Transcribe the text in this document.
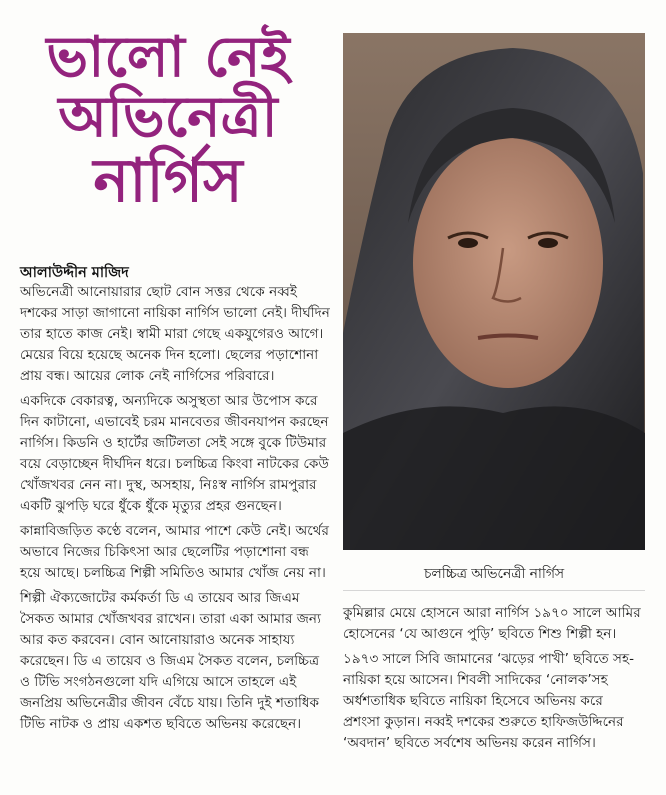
ভালো নেই
অভিনেত্রী
নার্গিস
আলাউদ্দীন মাজিদ

অভিনেত্রী আনোয়ারার ছোট বোন সত্তর থেকে নব্বই দশকের সাড়া জাগানো নায়িকা নার্গিস ভালো নেই। দীর্ঘদিন তার হাতে কাজ নেই। স্বামী মারা গেছে একযুগেরও আগে। মেয়ের বিয়ে হয়েছে অনেক দিন হলো। ছেলের পড়াশোনা প্রায় বন্ধ। আয়ের লোক নেই নার্গিসের পরিবারে।

একদিকে বেকারত্ব, অন্যদিকে অসুস্থতা আর উপোস করে দিন কাটানো, এভাবেই চরম মানবেতর জীবনযাপন করছেন নার্গিস। কিডনি ও হার্টের জটিলতা সেই সঙ্গে বুকে টিউমার বয়ে বেড়াচ্ছেন দীর্ঘদিন ধরে। চলচ্চিত্র কিংবা নাটকের কেউ খোঁজখবর নেন না। দুস্থ, অসহায়, নিঃস্ব নার্গিস রামপুরার একটি ঝুপড়ি ঘরে ধুঁকে ধুঁকে মৃত্যুর প্রহর গুনছেন।

কান্নাবিজড়িত কণ্ঠে বলেন, আমার পাশে কেউ নেই। অর্থের অভাবে নিজের চিকিৎসা আর ছেলেটির পড়াশোনা বন্ধ হয়ে আছে। চলচ্চিত্র শিল্পী সমিতিও আমার খোঁজ নেয় না।

শিল্পী ঐক্যজোটের কর্মকর্তা ডি এ তায়েব আর জিএম সৈকত আমার খোঁজখবর রাখেন। তারা একা আমার জন্য আর কত করবেন। বোন আনোয়ারাও অনেক সাহায্য করেছেন। ডি এ তায়েব ও জিএম সৈকত বলেন, চলচ্চিত্র ও টিভি সংগঠনগুলো যদি এগিয়ে আসে তাহলে এই জনপ্রিয় অভিনেত্রীর জীবন বেঁচে যায়। তিনি দুই শতাধিক টিভি নাটক ও প্রায় একশত ছবিতে অভিনয় করেছেন।

চলচ্চিত্র অভিনেত্রী নার্গিস

কুমিল্লার মেয়ে হোসনে আরা নার্গিস ১৯৭০ সালে আমির হোসেনের ‘যে আগুনে পুড়ি’ ছবিতে শিশু শিল্পী হন।

১৯৭৩ সালে সিবি জামানের ‘ঝড়ের পাখী’ ছবিতে সহ-নায়িকা হয়ে আসেন। শিবলী সাদিকের ‘নোলক’সহ অর্ধশতাধিক ছবিতে নায়িকা হিসেবে অভিনয় করে প্রশংসা কুড়ান। নব্বই দশকের শুরুতে হাফিজউদ্দিনের ‘অবদান’ ছবিতে সর্বশেষ অভিনয় করেন নার্গিস।
